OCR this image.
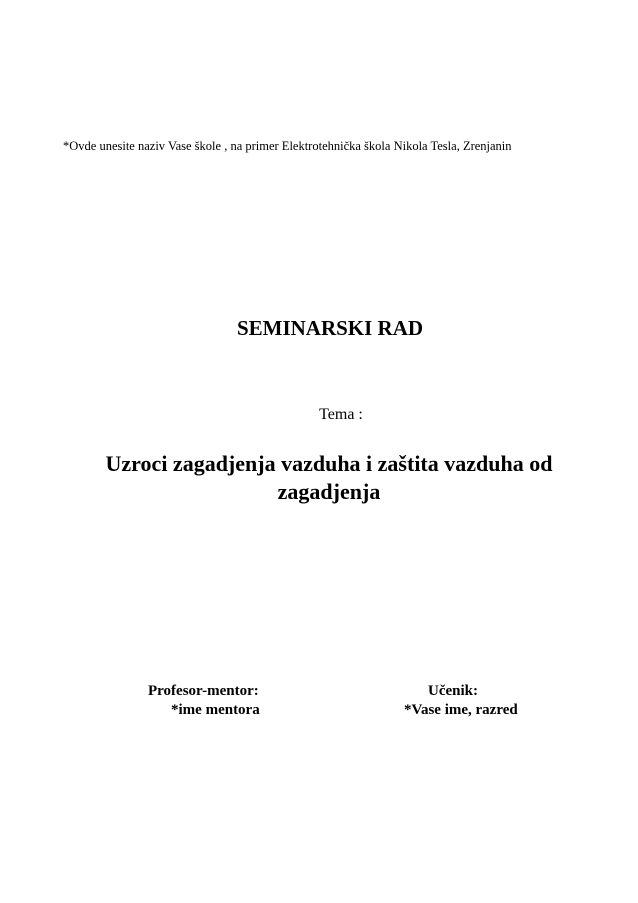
*Ovde unesite naziv Vase škole , na primer Elektrotehnička škola Nikola Tesla, Zrenjanin
SEMINARSKI RAD
Tema :
Uzroci zagadjenja vazduha i zaštita vazduha od zagadjenja
Profesor-mentor:
*ime mentora
Učenik:
*Vase ime, razred
